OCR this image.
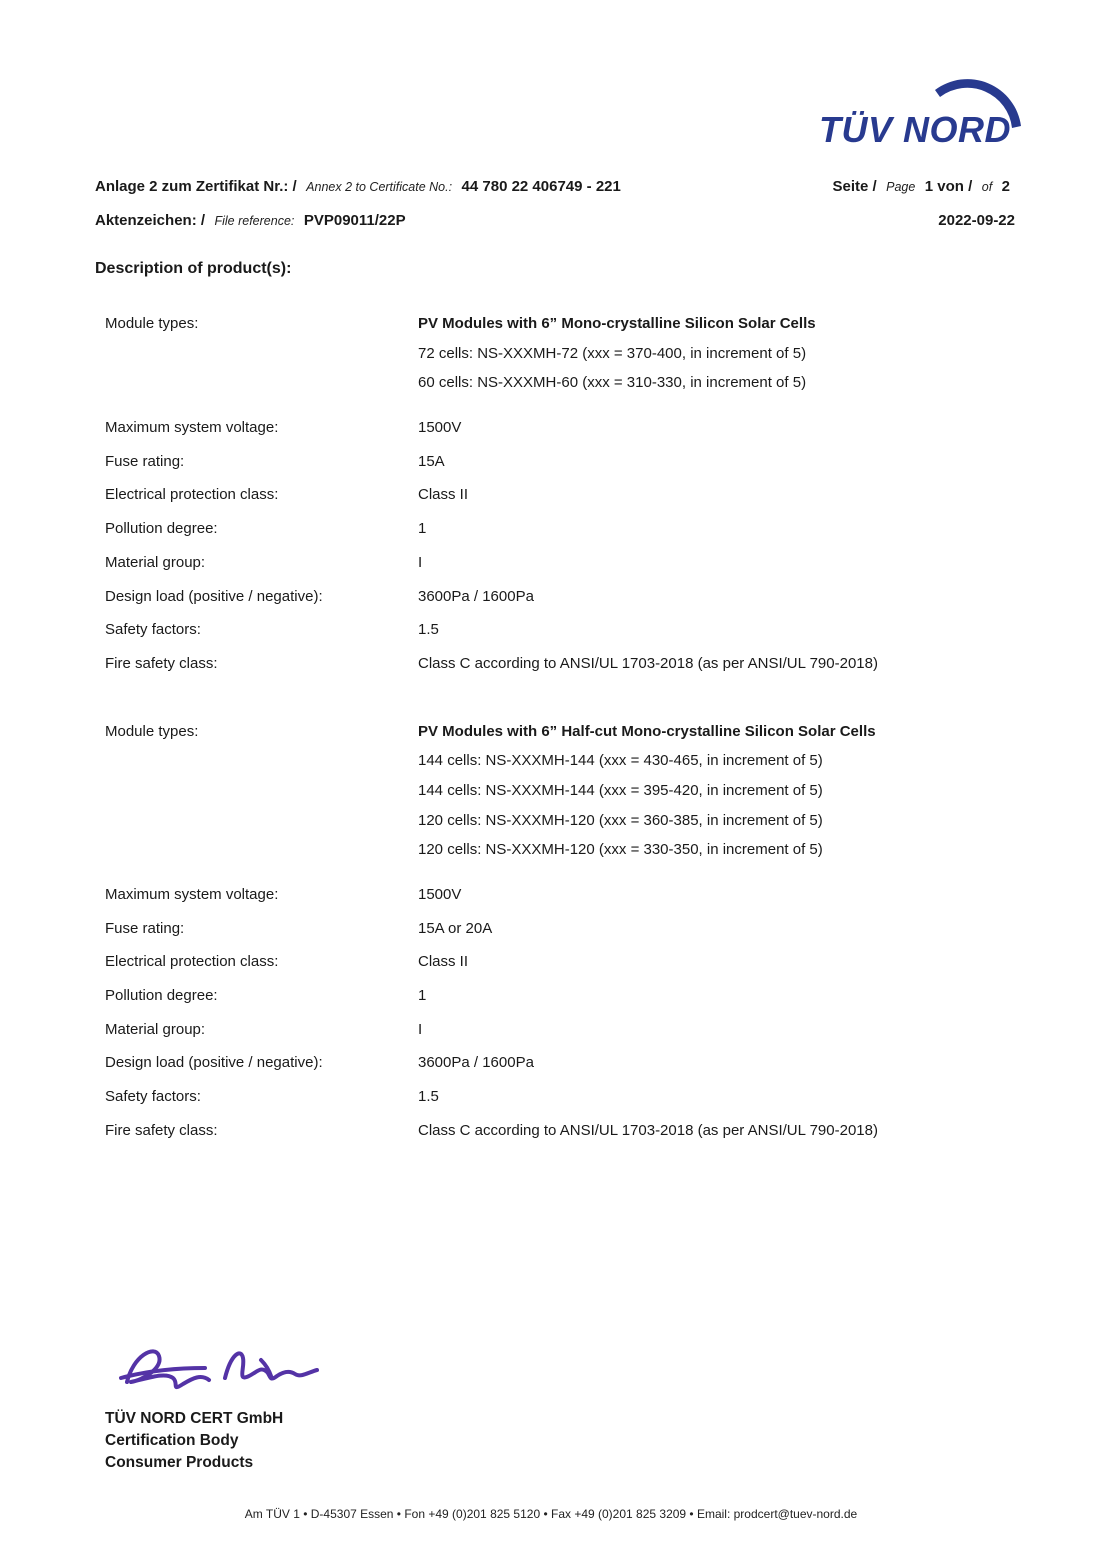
TÜV NORD
Anlage 2 zum Zertifikat Nr.: / Annex 2 to Certificate No.: 44 780 22 406749 - 221	Seite / Page 1 von / of 2
Aktenzeichen: / File reference: PVP09011/22P	2022-09-22
Description of product(s):
Module types:	PV Modules with 6” Mono-crystalline Silicon Solar Cells
72 cells: NS-XXXMH-72 (xxx = 370-400, in increment of 5)
60 cells: NS-XXXMH-60 (xxx = 310-330, in increment of 5)
Maximum system voltage:	1500V
Fuse rating:	15A
Electrical protection class:	Class II
Pollution degree:	1
Material group:	I
Design load (positive / negative):	3600Pa / 1600Pa
Safety factors:	1.5
Fire safety class:	Class C according to ANSI/UL 1703-2018 (as per ANSI/UL 790-2018)
Module types:	PV Modules with 6” Half-cut Mono-crystalline Silicon Solar Cells
144 cells: NS-XXXMH-144 (xxx = 430-465, in increment of 5)
144 cells: NS-XXXMH-144 (xxx = 395-420, in increment of 5)
120 cells: NS-XXXMH-120 (xxx = 360-385, in increment of 5)
120 cells: NS-XXXMH-120 (xxx = 330-350, in increment of 5)
Maximum system voltage:	1500V
Fuse rating:	15A or 20A
Electrical protection class:	Class II
Pollution degree:	1
Material group:	I
Design load (positive / negative):	3600Pa / 1600Pa
Safety factors:	1.5
Fire safety class:	Class C according to ANSI/UL 1703-2018 (as per ANSI/UL 790-2018)
TÜV NORD CERT GmbH
Certification Body
Consumer Products
Am TÜV 1 • D-45307 Essen • Fon +49 (0)201 825 5120 • Fax +49 (0)201 825 3209 • Email: prodcert@tuev-nord.de
